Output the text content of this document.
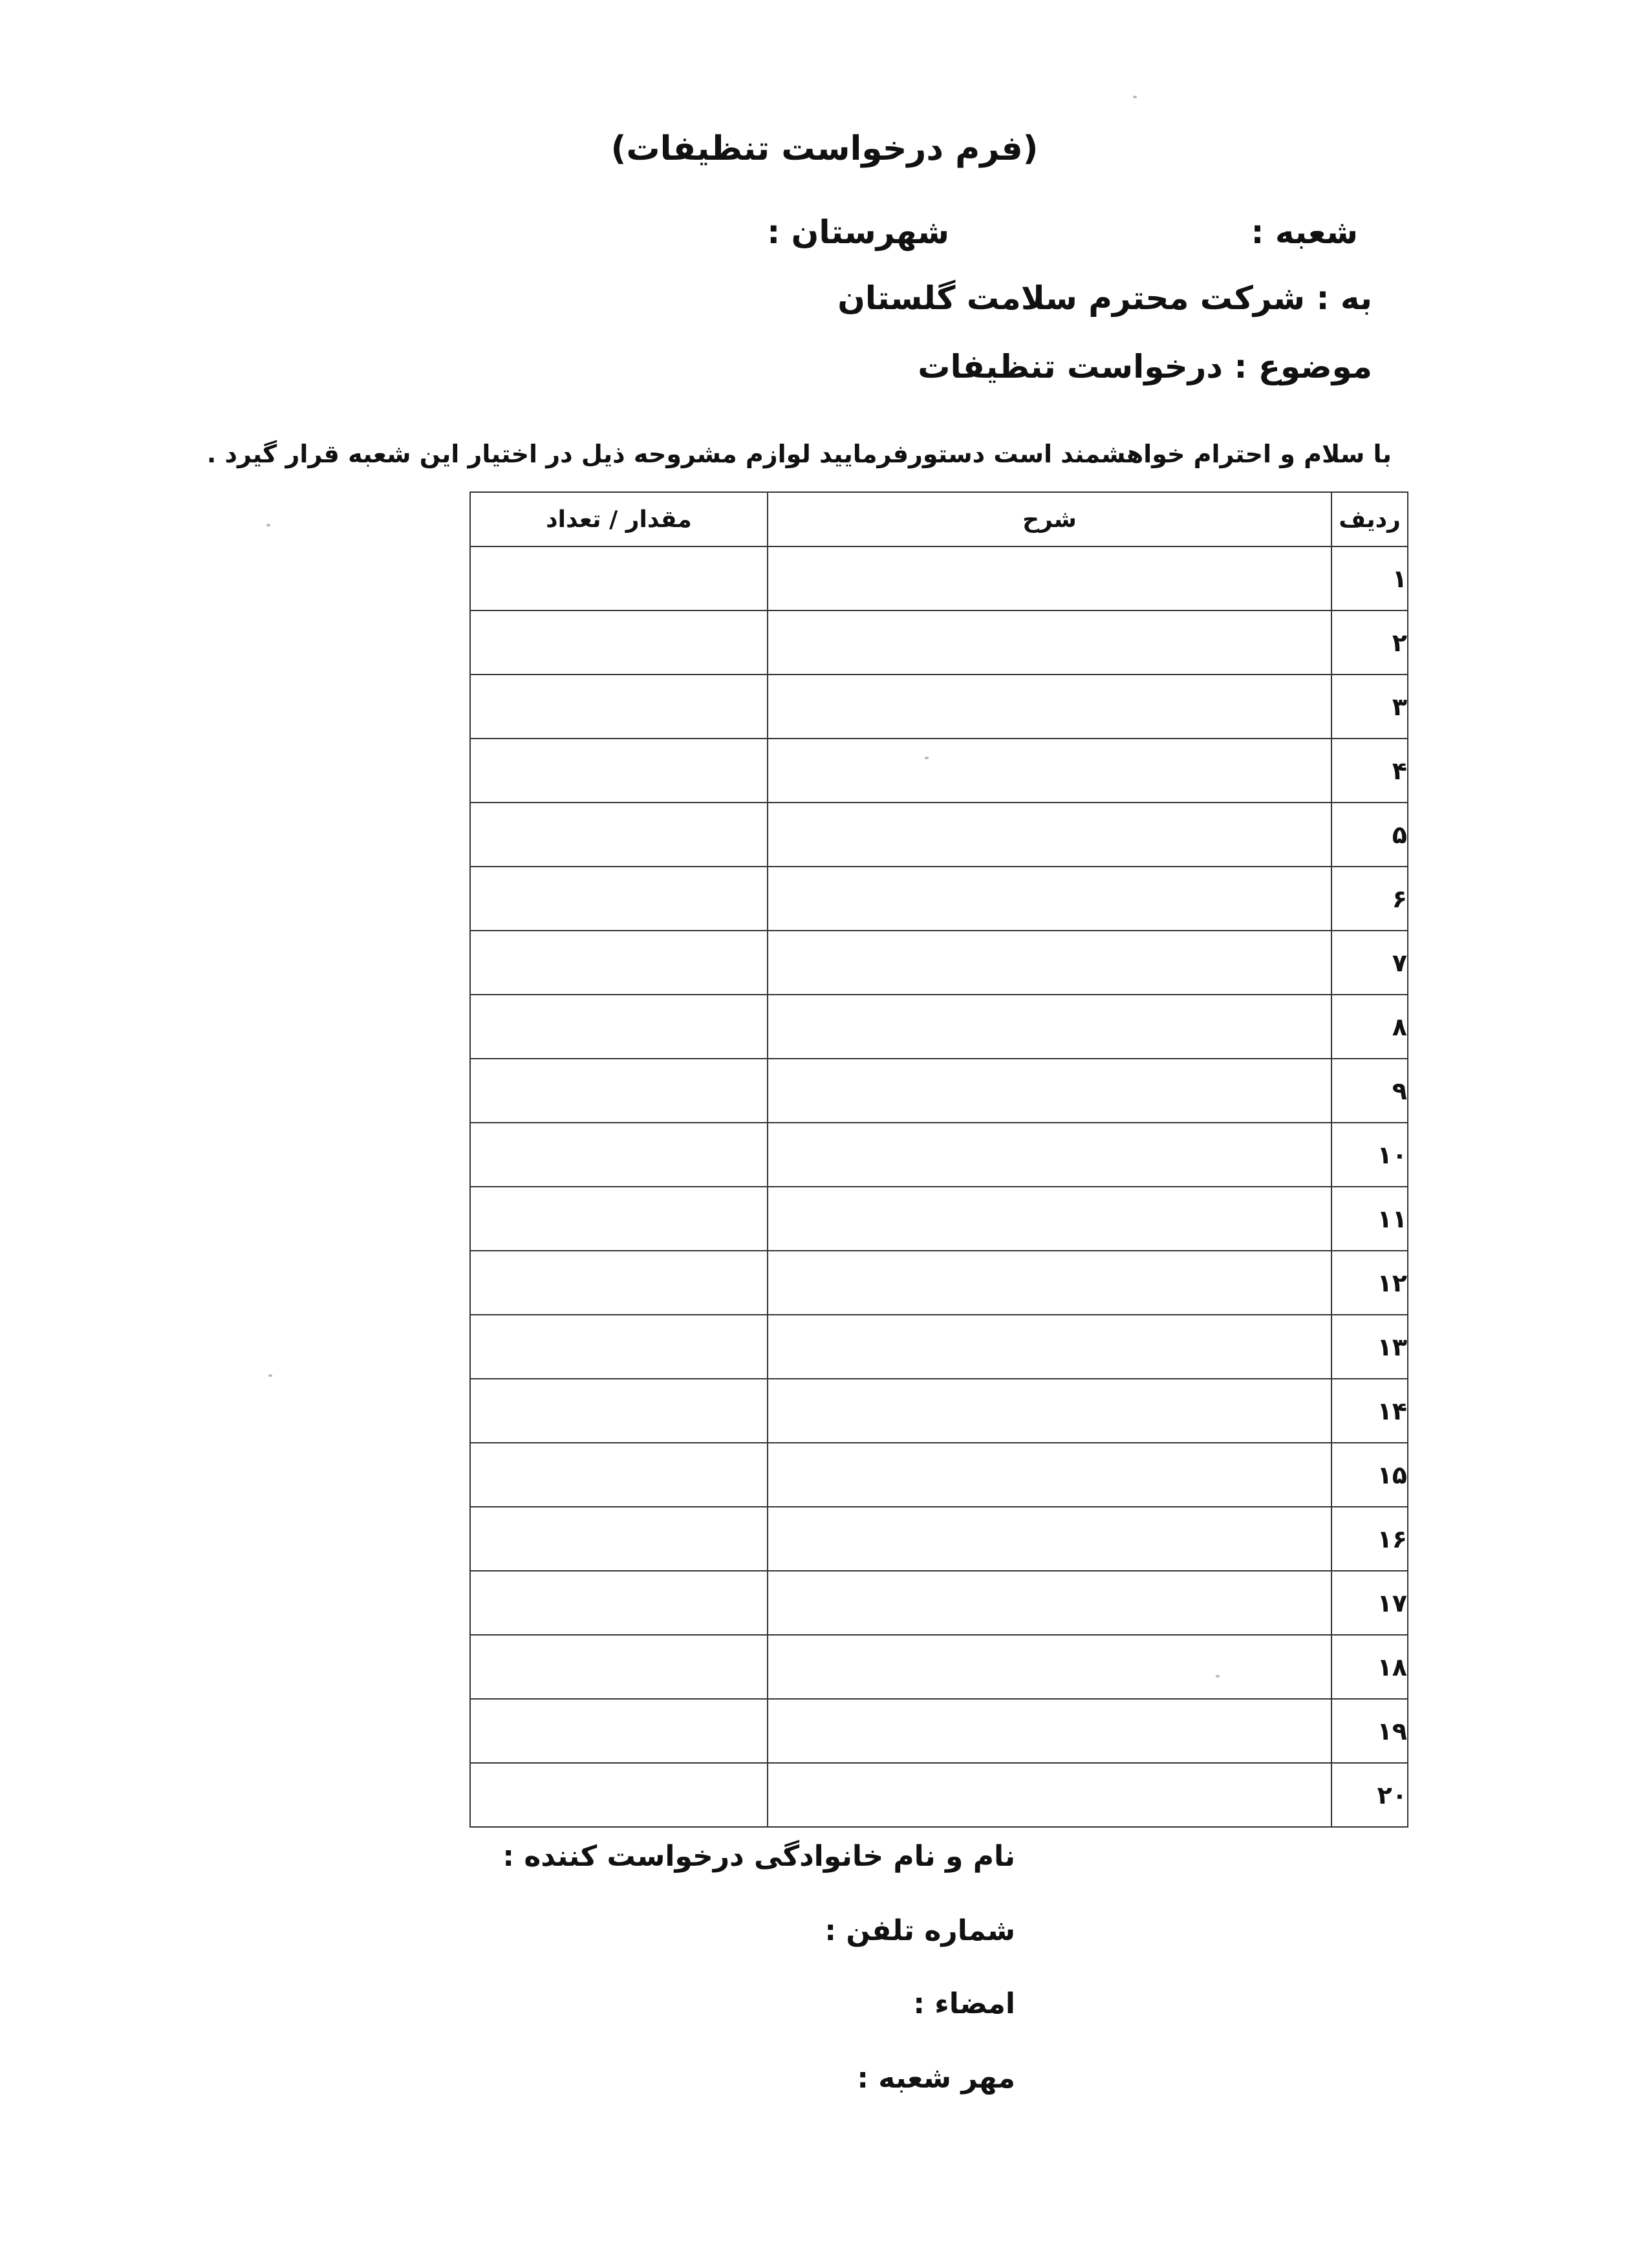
(فرم درخواست تنظیفات)
شعبه :
شهرستان :
به : شرکت محترم سلامت گلستان
موضوع : درخواست تنظیفات
با سلام و احترام خواهشمند است دستورفرمایید لوازم مشروحه ذیل در اختیار این شعبه قرار گیرد .
ردیف	شرح	مقدار / تعداد
۱		
۲		
۳		
۴		
۵		
۶		
۷		
۸		
۹		
۱۰		
۱۱		
۱۲		
۱۳		
۱۴		
۱۵		
۱۶		
۱۷		
۱۸		
۱۹		
۲۰		
نام و نام خانوادگی درخواست کننده :
شماره تلفن :
امضاء :
مهر شعبه :
